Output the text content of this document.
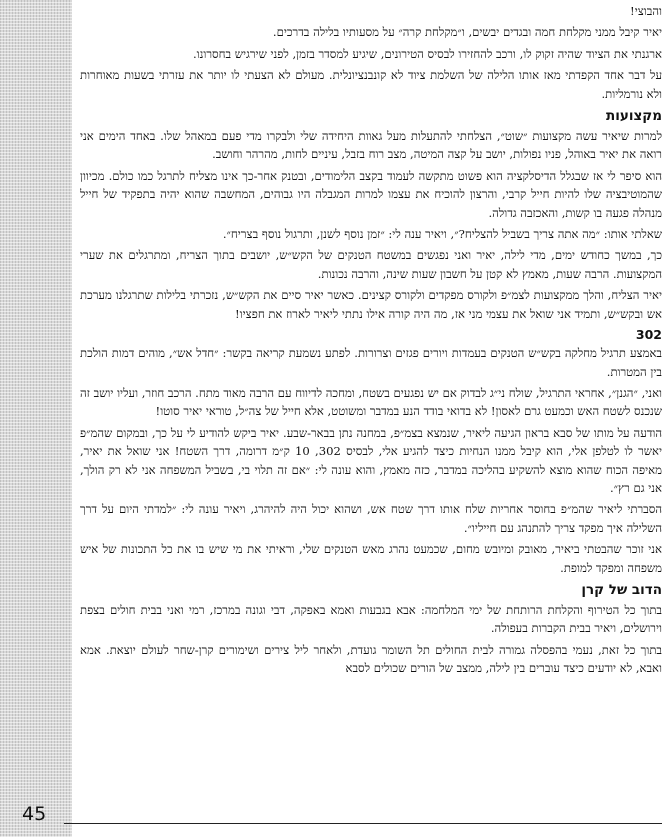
והבוצי!
יאיר קיבל ממני מקלחת חמה ובגדים יבשים, ו״מקלחת קרה״ על מסעותיו בלילה בדרכים.
ארגנתי את הציוד שהיה זקוק לו, ורכב להחזירו לבסיס הטירונים, שיגיע למסדר בזמן, לפני שירגיש בחסרונו.
על דבר אחד הקפדתי מאז אותו הלילה של השלמת ציוד לא קונבנציונלית. מעולם לא הצעתי לו יותר את עזרתי בשעות מאוחרות ולא נורמליות.
מקצועות
למרות שיאיר עשה מקצועות ״שוט״, הצלחתי להתעלות מעל גאוות היחידה שלי ולבקרו מדי פעם במאהל שלו. באחד הימים אני רואה את יאיר באוהל, פניו נפולות, יושב על קצה המיטה, מצב רוח בזבל, עיניים לחות, מהרהר וחושב.
הוא סיפר לי אז שבגלל הדיסלקציה הוא פשוט מתקשה לעמוד בקצב הלימודים, ובטנק אחר-כך אינו מצליח לתרגל כמו כולם. מכיוון שהמוטיבציה שלו להיות חייל קרבי, והרצון להוכיח את עצמו למרות המגבלה היו גבוהים, המחשבה שהוא יהיה בתפקיד של חייל מנהלה פגעה בו קשות, והאכזבה גדולה.
שאלתי אותו: ״מה אתה צריך בשביל להצליח?״, ויאיר ענה לי: ״זמן נוסף לשנן, ותרגול נוסף בצריח״.
כך, במשך כחודש ימים, מדי לילה, יאיר ואני נפגשים במשטח הטנקים של הקש״ש, יושבים בתוך הצריח, ומתרגלים את שערי המקצועות. הרבה שעות, מאמץ לא קטן על חשבון שעות שינה, והרבה נכונות.
יאיר הצליח, והלך ממקצועות לצמ״פ ולקורס מפקדים ולקורס קצינים. כאשר יאיר סיים את הקש״ש, נזכרתי בלילות שתרגלנו מערכת אש ובקש״ש, ותמיד אני שואל את עצמי מני אז, מה היה קורה אילו נתתי ליאיר לארוז את חפציו!
302
באמצע תרגיל מחלקה בקש״ש הטנקים בעמדות ויורים פגזים וצרורות. לפתע נשמעת קריאה בקשר: ״חדל אש״, מוהים דמות הולכת בין המטרות.
ואני, ״הגנן״, אחראי התרגיל, שולח ני״ג לבדוק אם יש נפגעים בשטח, ומחכה לדיווח עם הרבה מאוד מתח. הרכב חוזר, ועליו יושב זה שנכנס לשטח האש וכמעט גרם לאסון! לא בדואי בודד הנע במדבר ומשוטט, אלא חייל של צה״ל, טוראי יאיר סוטו!
הודעה על מותו של סבא בראון הגיעה ליאיר, שנמצא בצמ״פ, במחנה נתן בבאר-שבע. יאיר ביקש להודיע לי על כך, ובמקום שהמ״פ יאשר לו לטלפן אלי, הוא קיבל ממנו הנחיות כיצד להגיע אלי, לבסיס 302, 10 ק״מ דרומה, דרך השטח! אני שואל את יאיר, מאיפה הכוח שהוא מוצא להשקיע בהליכה במדבר, כזה מאמץ, והוא עונה לי: ״אם זה תלוי בי, בשביל המשפחה אני לא רק הולך, אני גם רץ״.
הסברתי ליאיר שהמ״פ בחוסר אחריות שלח אותו דרך שטח אש, ושהוא יכול היה להיהרג, ויאיר עונה לי: ״למדתי היום על דרך השלילה איך מפקד צריך להתנהג עם חייליו״.
אני זוכר שהבטתי ביאיר, מאובק ומיובש מחום, שכמעט נהרג מאש הטנקים שלי, וראיתי את מי שיש בו את כל התכונות של איש משפחה ומפקד למופת.
הדוב של קרן
בתוך כל הטירוף והקלחת הרותחת של ימי המלחמה: אבא בגבעות ואמא באפקה, דבי וגונה במרכז, רמי ואני בבית חולים בצפת וירושלים, ויאיר בבית הקברות בעפולה.
בתוך כל זאת, נעמי בהפסלה גמורה לבית החולים תל השומר גועדת, ולאחר ליל צירים ושימורים קרן-שחר לעולם יוצאת. אמא ואבא, לא יודעים כיצד עוברים בין לילה, ממצב של הורים שכולים לסבא
45
